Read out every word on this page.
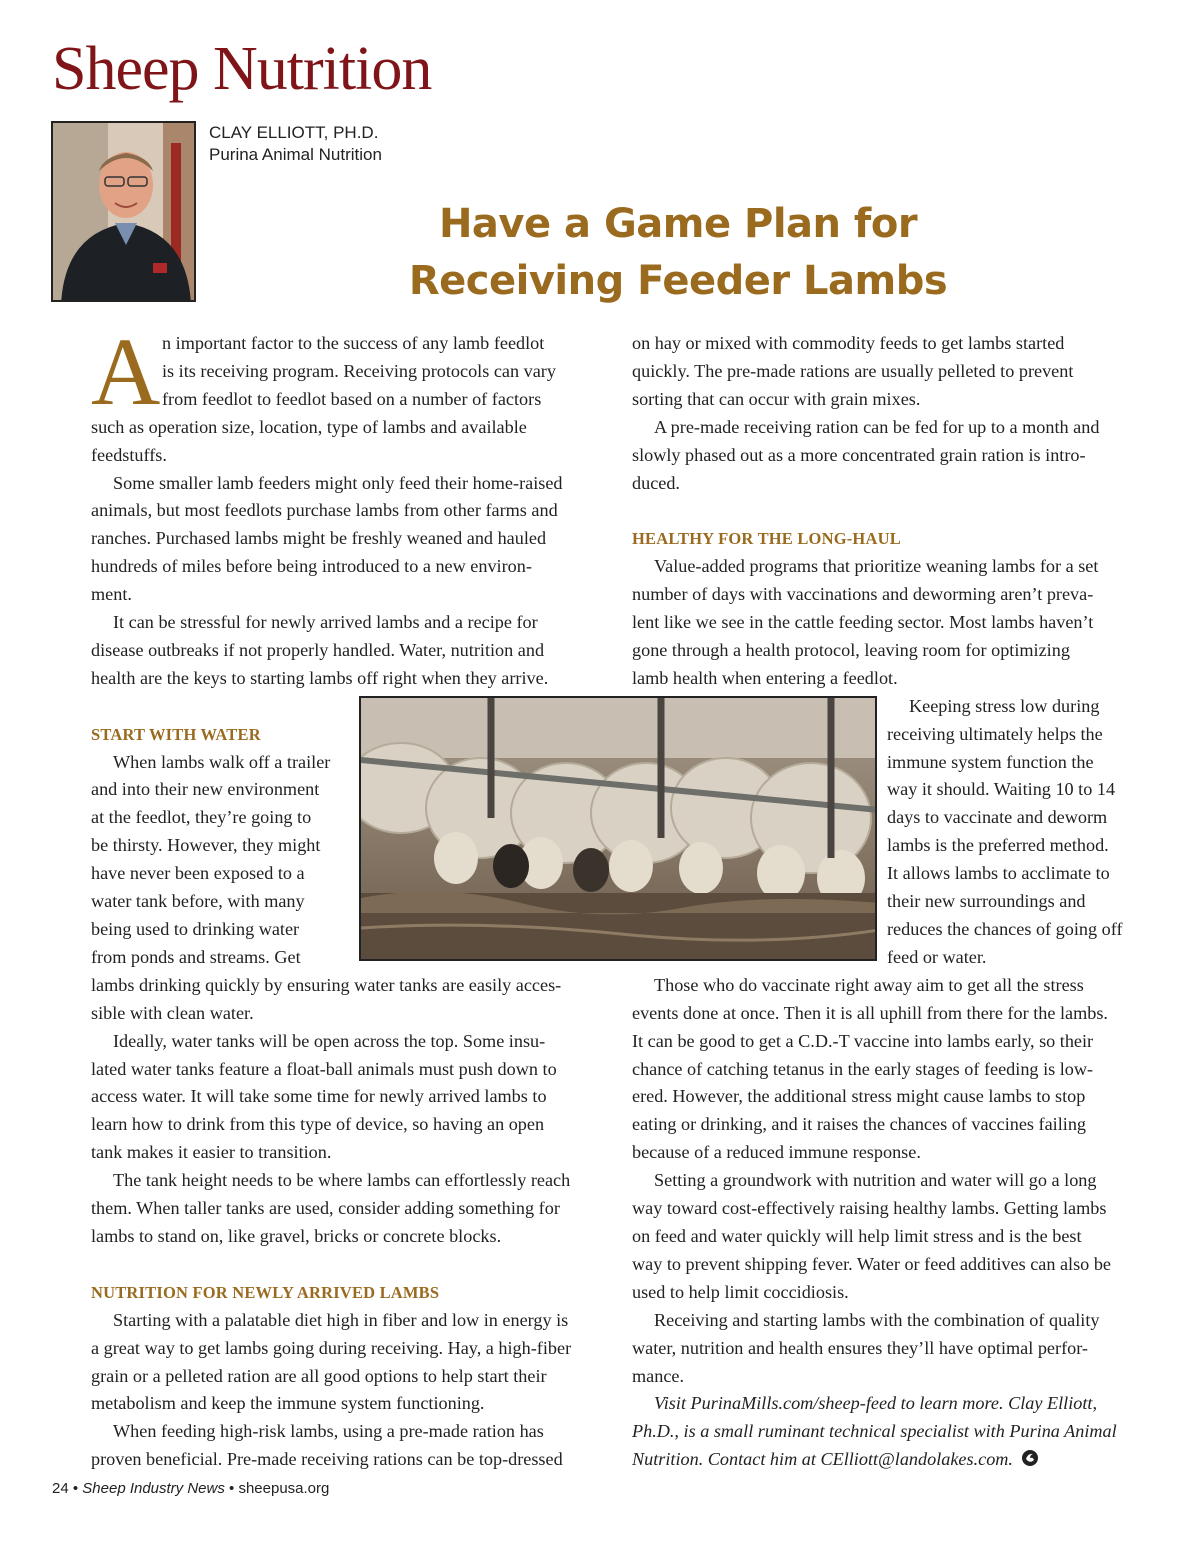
Sheep Nutrition
CLAY ELLIOTT, PH.D.
Purina Animal Nutrition
Have a Game Plan for
Receiving Feeder Lambs
A n important factor to the success of any lamb feedlot
is its receiving program. Receiving protocols can vary
from feedlot to feedlot based on a number of factors
such as operation size, location, type of lambs and available
feedstuffs.

Some smaller lamb feeders might only feed their home-raised

animals, but most feedlots purchase lambs from other farms and
ranches. Purchased lambs might be freshly weaned and hauled
hundreds of miles before being introduced to a new environ-
ment.

It can be stressful for newly arrived lambs and a recipe for

disease outbreaks if not properly handled. Water, nutrition and
health are the keys to starting lambs off right when they arrive.
START WITH WATER

When lambs walk off a trailer

and into their new environment
at the feedlot, they’re going to
be thirsty. However, they might
have never been exposed to a
water tank before, with many
being used to drinking water
from ponds and streams. Get
lambs drinking quickly by ensuring water tanks are easily acces-
sible with clean water.

Ideally, water tanks will be open across the top. Some insu-

lated water tanks feature a float-ball animals must push down to
access water. It will take some time for newly arrived lambs to
learn how to drink from this type of device, so having an open
tank makes it easier to transition.

The tank height needs to be where lambs can effortlessly reach

them. When taller tanks are used, consider adding something for
lambs to stand on, like gravel, bricks or concrete blocks.
NUTRITION FOR NEWLY ARRIVED LAMBS

Starting with a palatable diet high in fiber and low in energy is

a great way to get lambs going during receiving. Hay, a high-fiber
grain or a pelleted ration are all good options to help start their
metabolism and keep the immune system functioning.

When feeding high-risk lambs, using a pre-made ration has

proven beneficial. Pre-made receiving rations can be top-dressed
on hay or mixed with commodity feeds to get lambs started
quickly. The pre-made rations are usually pelleted to prevent
sorting that can occur with grain mixes.

A pre-made receiving ration can be fed for up to a month and

slowly phased out as a more concentrated grain ration is intro-
duced.
HEALTHY FOR THE LONG-HAUL

Value-added programs that prioritize weaning lambs for a set

number of days with vaccinations and deworming aren’t preva-
lent like we see in the cattle feeding sector. Most lambs haven’t
gone through a health protocol, leaving room for optimizing
lamb health when entering a feedlot.

Keeping stress low during

receiving ultimately helps the
immune system function the
way it should. Waiting 10 to 14
days to vaccinate and deworm
lambs is the preferred method.
It allows lambs to acclimate to
their new surroundings and
reduces the chances of going off
feed or water.

Those who do vaccinate right away aim to get all the stress

events done at once. Then it is all uphill from there for the lambs.
It can be good to get a C.D.-T vaccine into lambs early, so their
chance of catching tetanus in the early stages of feeding is low-
ered. However, the additional stress might cause lambs to stop
eating or drinking, and it raises the chances of vaccines failing
because of a reduced immune response.

Setting a groundwork with nutrition and water will go a long

way toward cost-effectively raising healthy lambs. Getting lambs
on feed and water quickly will help limit stress and is the best
way to prevent shipping fever. Water or feed additives can also be
used to help limit coccidiosis.

Receiving and starting lambs with the combination of quality

water, nutrition and health ensures they’ll have optimal perfor-
mance.

Visit PurinaMills.com/sheep-feed to learn more. Clay Elliott,

Ph.D., is a small ruminant technical specialist with Purina Animal
Nutrition. Contact him at CElliott@landolakes.com.
24 • Sheep Industry News • sheepusa.org
